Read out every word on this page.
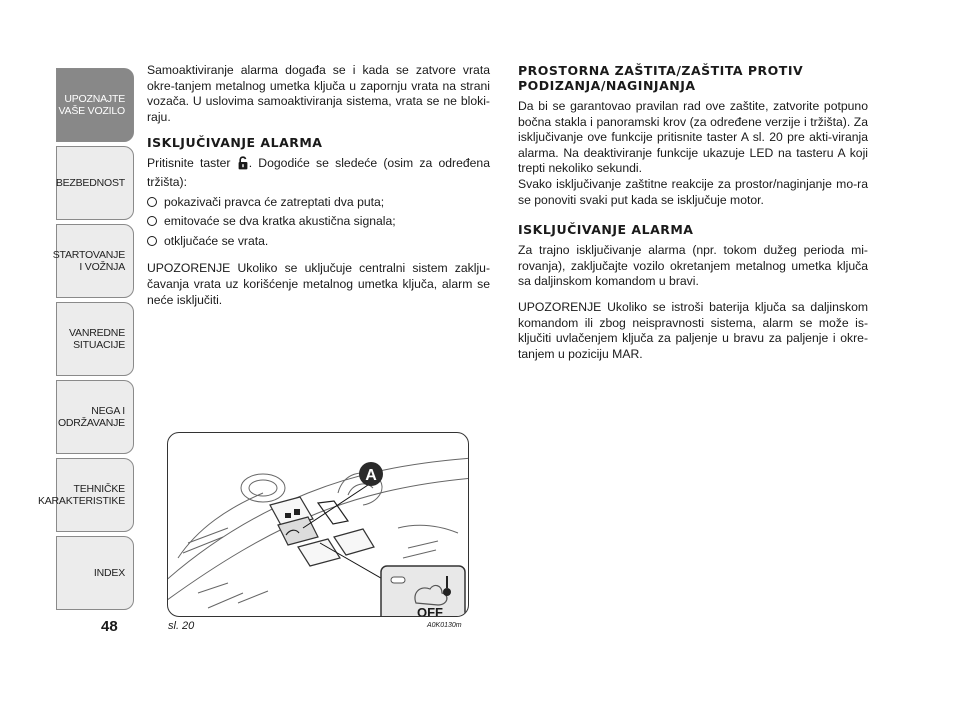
UPOZNAJTE
VAŠE VOZILO
BEZBEDNOST
STARTOVANJE
I VOŽNJA
VANREDNE
SITUACIJE
NEGA I
ODRŽAVANJE
TEHNIČKE
KARAKTERISTIKE
INDEX
48

Samoaktiviranje alarma događa se i kada se zatvore vrata okre-tanjem metalnog umetka ključa u zapornju vrata na strani vozača. U uslovima samoaktiviranja sistema, vrata se ne bloki-raju.

ISKLJUČIVANJE ALARMA

Pritisnite taster . Dogodiće se sledeće (osim za određena tržišta):

pokazivači pravca će zatreptati dva puta;
emitovaće se dva kratka akustična signala;
otključaće se vrata.

UPOZORENJE Ukoliko se uključuje centralni sistem zaklju-čavanja vrata uz korišćenje metalnog umetka ključa, alarm se neće isključiti.

PROSTORNA ZAŠTITA/ZAŠTITA PROTIV PODIZANJA/NAGINJANJA

Da bi se garantovao pravilan rad ove zaštite, zatvorite potpuno bočna stakla i panoramski krov (za određene verzije i tržišta). Za isključivanje ove funkcije pritisnite taster A sl. 20 pre akti-viranja alarma. Na deaktiviranje funkcije ukazuje LED na tasteru A koji trepti nekoliko sekundi.

Svako isključivanje zaštitne reakcije za prostor/naginjanje mo-ra se ponoviti svaki put kada se isključuje motor.

ISKLJUČIVANJE ALARMA

Za trajno isključivanje alarma (npr. tokom dužeg perioda mi-rovanja), zaključajte vozilo okretanjem metalnog umetka ključa sa daljinskom komandom u bravi.

UPOZORENJE Ukoliko se istroši baterija ključa sa daljinskom komandom ili zbog neispravnosti sistema, alarm se može is-ključiti uvlačenjem ključa za paljenje u bravu za paljenje i okre-tanjem u poziciju MAR.

A
OFF
sl. 20	A0K0130m
